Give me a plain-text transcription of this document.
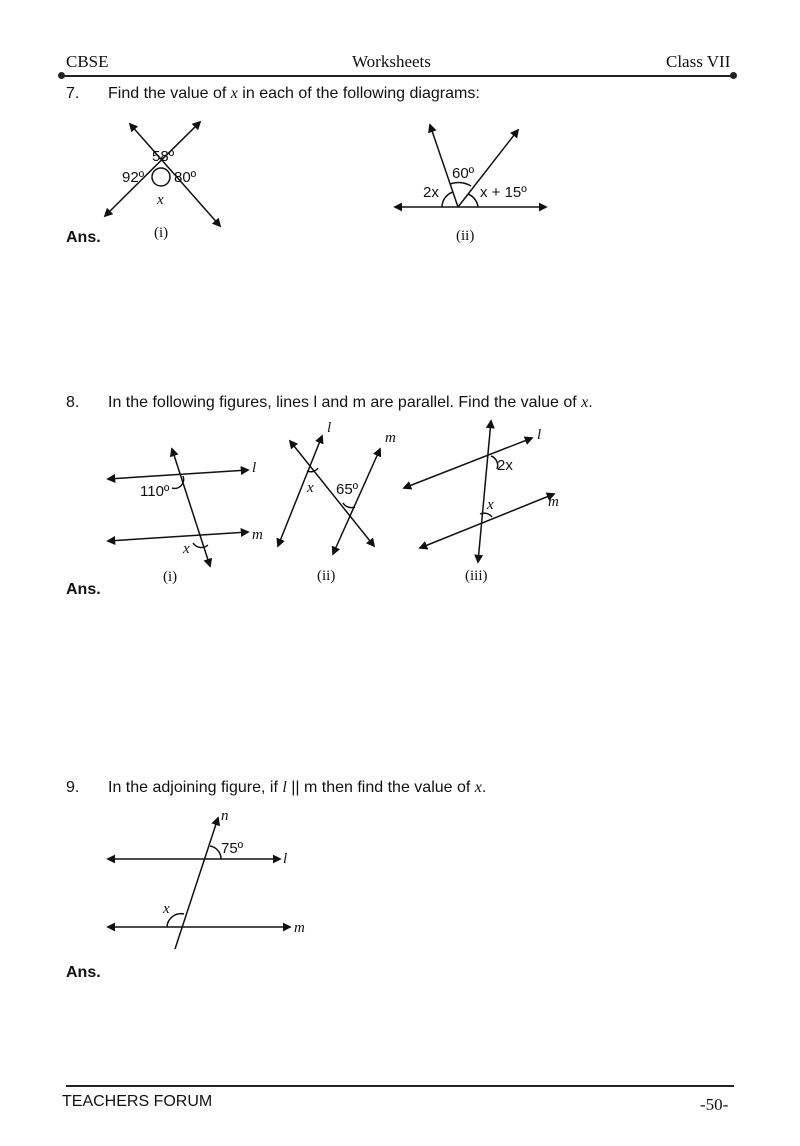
CBSE	Worksheets	Class VII
7. Find the value of x in each of the following diagrams:
58º
92º 80º
x
(i)
60º
2x	x + 15º
(ii)
Ans.
8. In the following figures, lines l and m are parallel. Find the value of x.
110º
x
l
m
(i)
x 65º
l
m
(ii)
2x
x
l
m
(iii)
Ans.
9. In the adjoining figure, if l || m then find the value of x.
75º
x
n
l
m
Ans.
TEACHERS FORUM	-50-
